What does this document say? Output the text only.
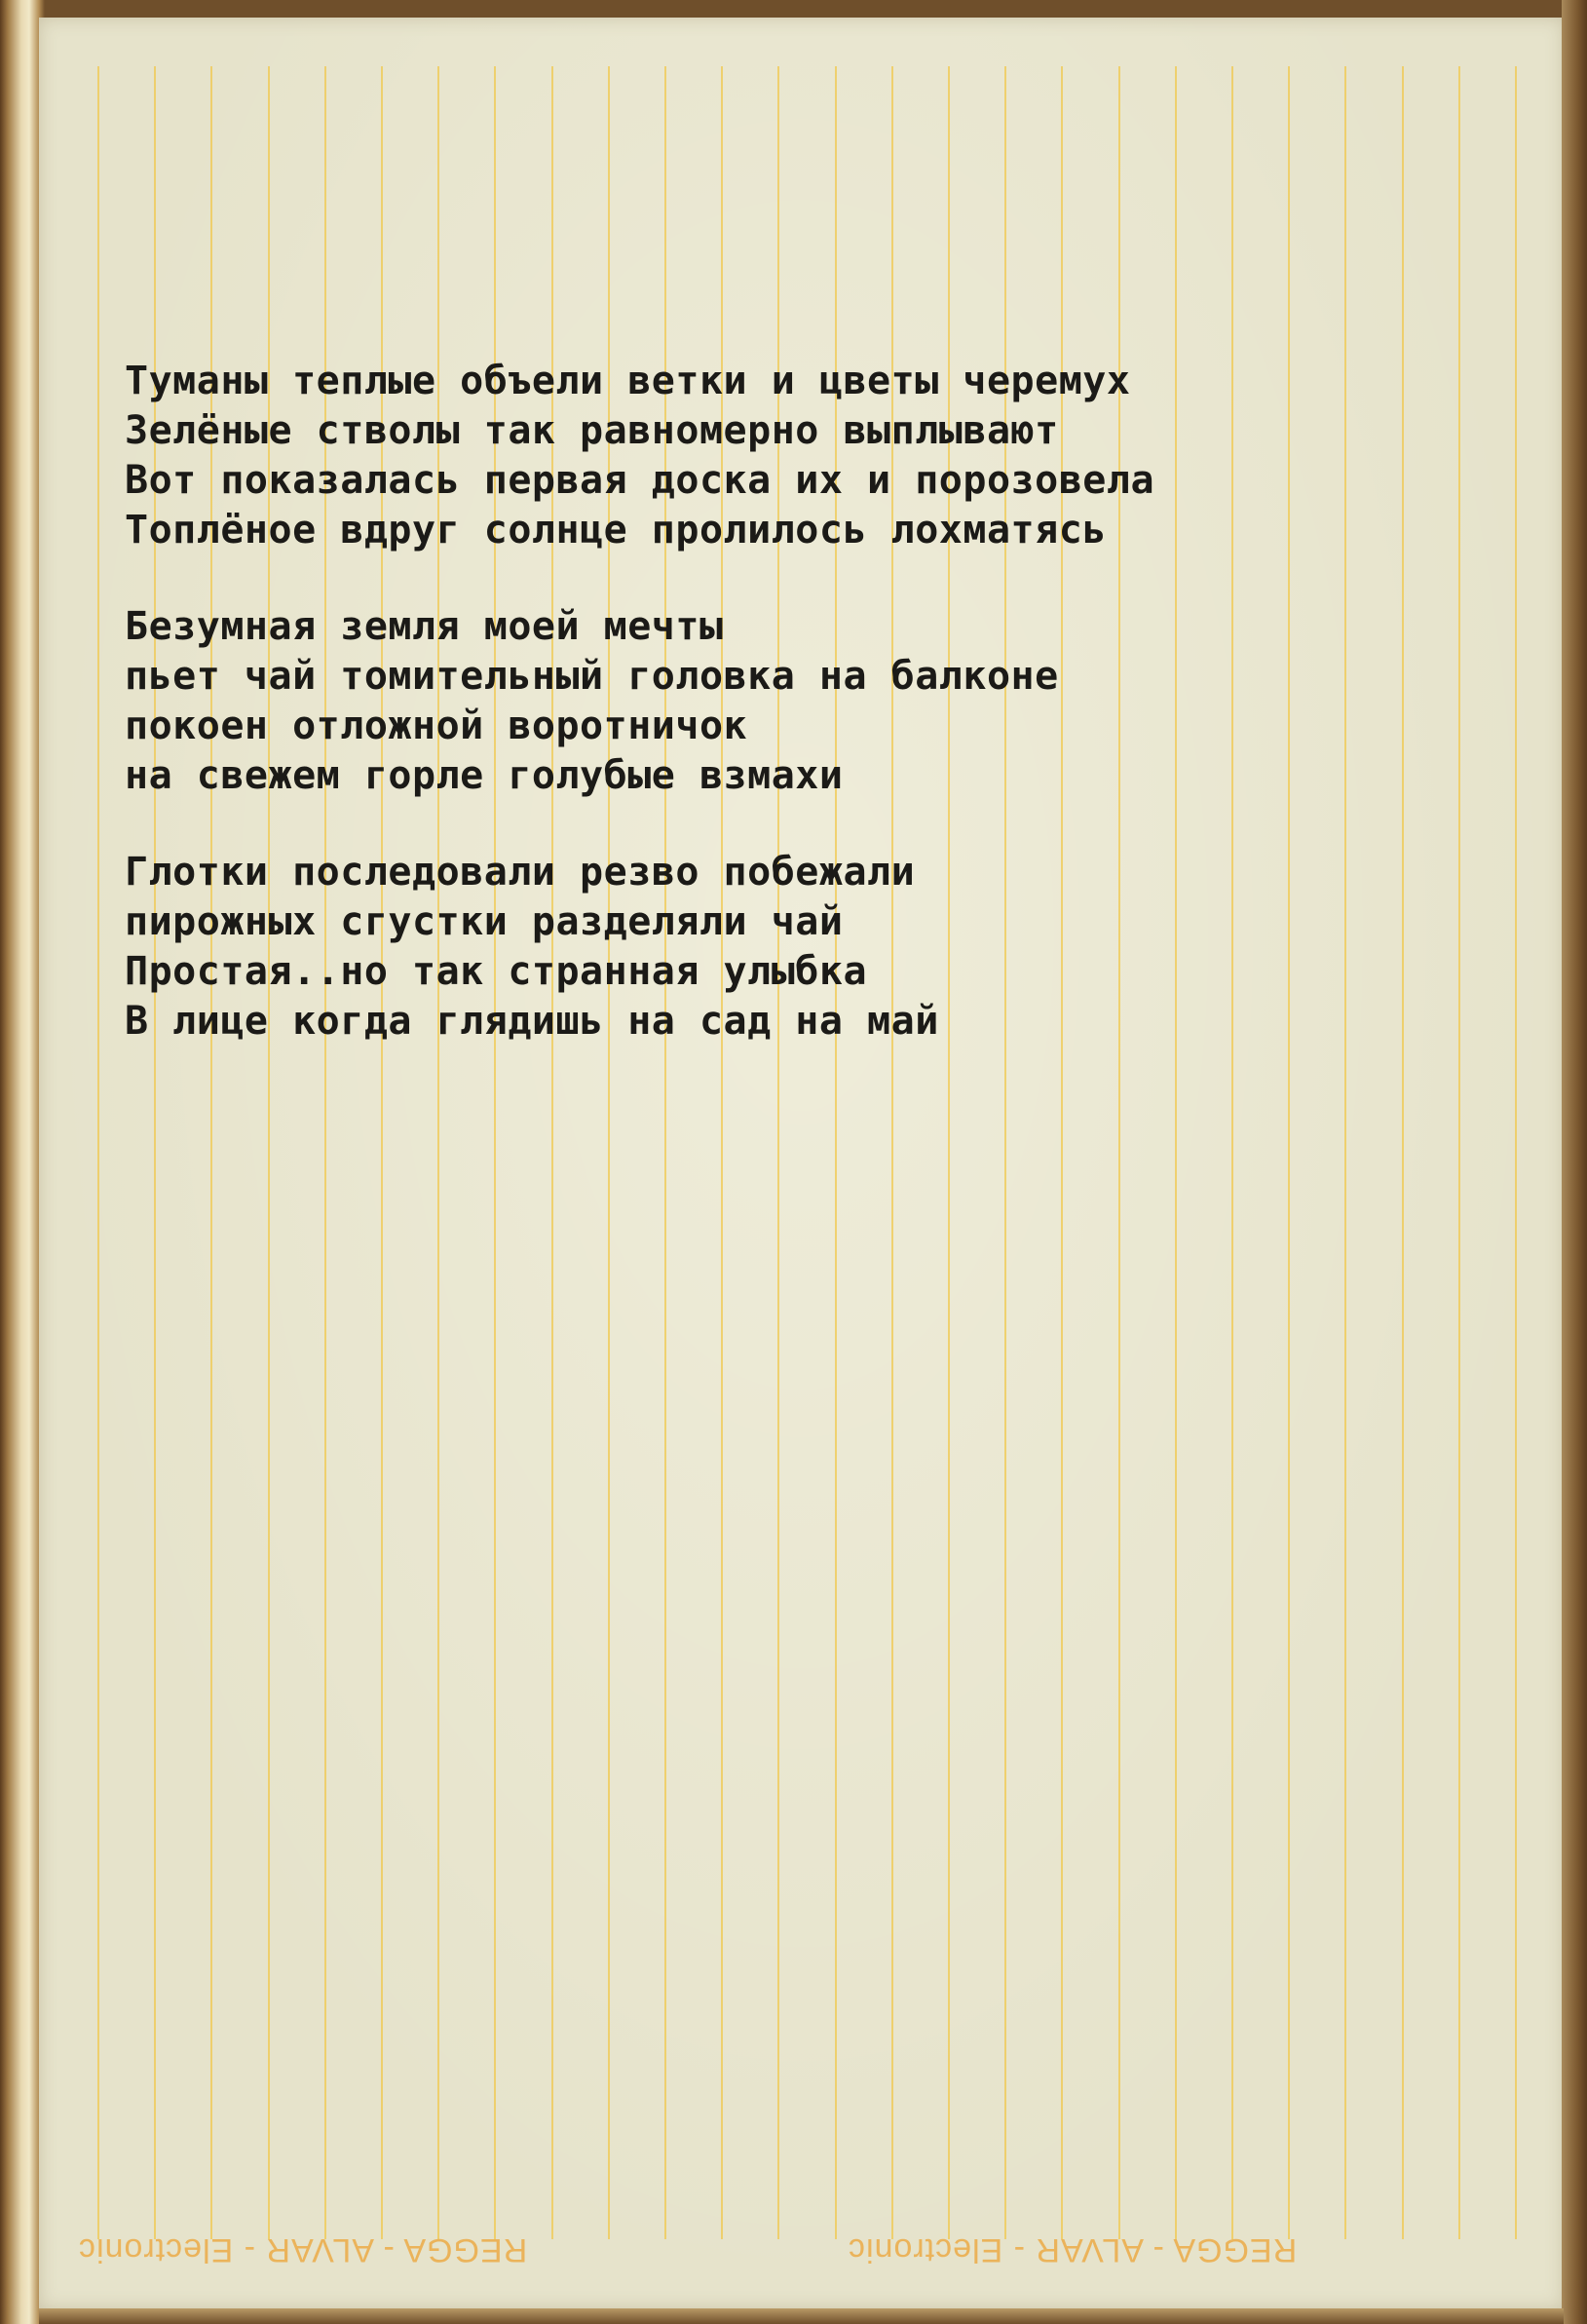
Туманы теплые объели ветки и цветы черемух
Зелёные стволы так равномерно выплывают
Вот показалась первая доска их и порозовела
Топлёное вдруг солнце пролилось лохматясь
Безумная земля моей мечты
пьет чай томительный головка на балконе
покоен отложной воротничок
на свежем горле голубые взмахи
Глотки последовали резво побежали
пирожных сгустки разделяли чай
Простая..но так странная улыбка
В лице когда глядишь на сад на май
REGGA - ALVAR - Electronic	REGGA - ALVAR - Electronic
